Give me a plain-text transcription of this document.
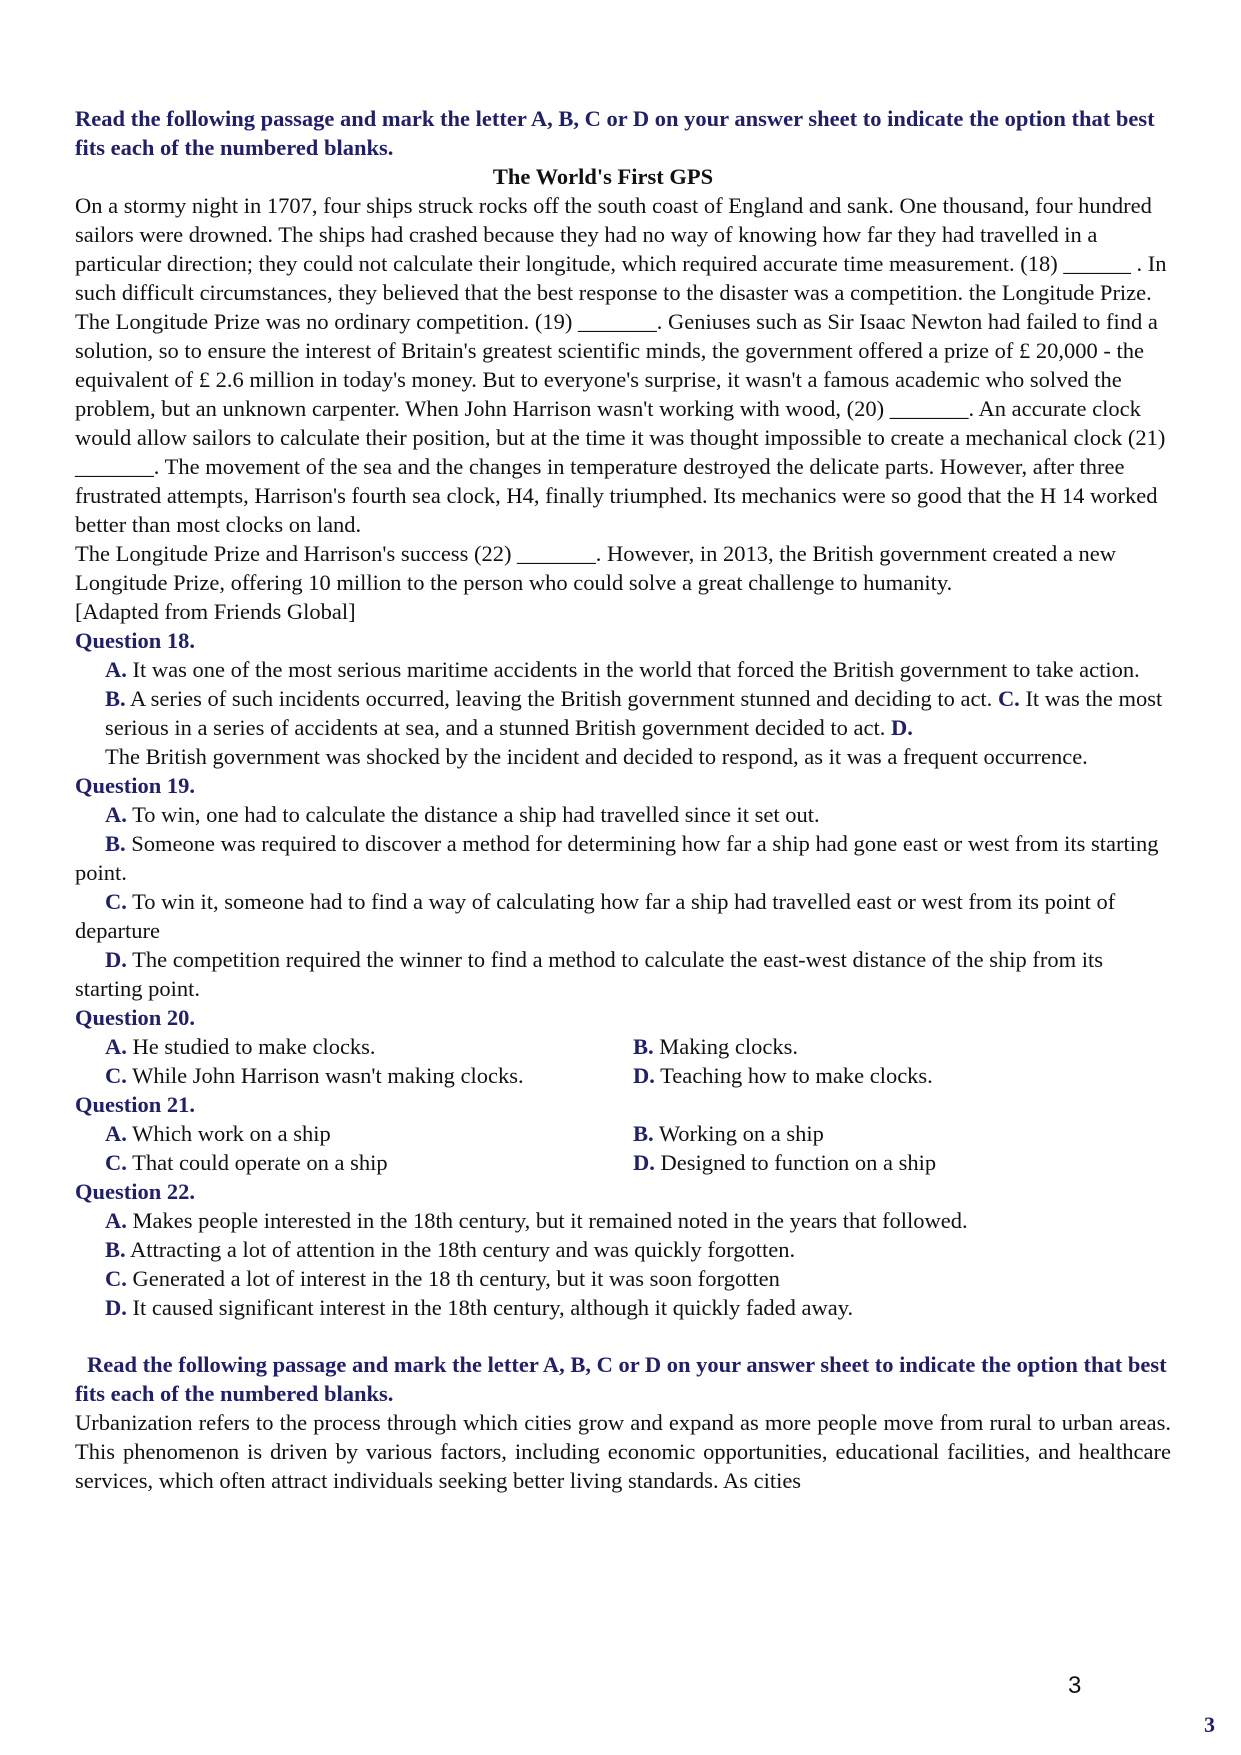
Read the following passage and mark the letter A, B, C or D on your answer sheet to indicate the option that best fits each of the numbered blanks.
The World's First GPS
On a stormy night in 1707, four ships struck rocks off the south coast of England and sank. One thousand, four hundred sailors were drowned. The ships had crashed because they had no way of knowing how far they had travelled in a particular direction; they could not calculate their longitude, which required accurate time measurement. (18) ______ . In such difficult circumstances, they believed that the best response to the disaster was a competition. the Longitude Prize.
The Longitude Prize was no ordinary competition. (19) _______. Geniuses such as Sir Isaac Newton had failed to find a solution, so to ensure the interest of Britain's greatest scientific minds, the government offered a prize of £ 20,000 - the equivalent of £ 2.6 million in today's money. But to everyone's surprise, it wasn't a famous academic who solved the problem, but an unknown carpenter. When John Harrison wasn't working with wood, (20) _______. An accurate clock would allow sailors to calculate their position, but at the time it was thought impossible to create a mechanical clock (21) _______. The movement of the sea and the changes in temperature destroyed the delicate parts. However, after three frustrated attempts, Harrison's fourth sea clock, H4, finally triumphed. Its mechanics were so good that the H 14 worked better than most clocks on land.
The Longitude Prize and Harrison's success (22) _______. However, in 2013, the British government created a new Longitude Prize, offering 10 million to the person who could solve a great challenge to humanity.
[Adapted from Friends Global]
Question 18.
A. It was one of the most serious maritime accidents in the world that forced the British government to take action.
B. A series of such incidents occurred, leaving the British government stunned and deciding to act. C. It was the most serious in a series of accidents at sea, and a stunned British government decided to act. D.
The British government was shocked by the incident and decided to respond, as it was a frequent occurrence.
Question 19.
A. To win, one had to calculate the distance a ship had travelled since it set out.
B. Someone was required to discover a method for determining how far a ship had gone east or west from its starting point.
C. To win it, someone had to find a way of calculating how far a ship had travelled east or west from its point of departure
D. The competition required the winner to find a method to calculate the east-west distance of the ship from its starting point.
Question 20.
A. He studied to make clocks.	B. Making clocks.
C. While John Harrison wasn't making clocks.	D. Teaching how to make clocks.
Question 21.
A. Which work on a ship	B. Working on a ship
C. That could operate on a ship	D. Designed to function on a ship
Question 22.
A. Makes people interested in the 18th century, but it remained noted in the years that followed.
B. Attracting a lot of attention in the 18th century and was quickly forgotten.
C. Generated a lot of interest in the 18 th century, but it was soon forgotten
D. It caused significant interest in the 18th century, although it quickly faded away.
Read the following passage and mark the letter A, B, C or D on your answer sheet to indicate the option that best fits each of the numbered blanks.
Urbanization refers to the process through which cities grow and expand as more people move from rural to urban areas. This phenomenon is driven by various factors, including economic opportunities, educational facilities, and healthcare services, which often attract individuals seeking better living standards. As cities
3
3
